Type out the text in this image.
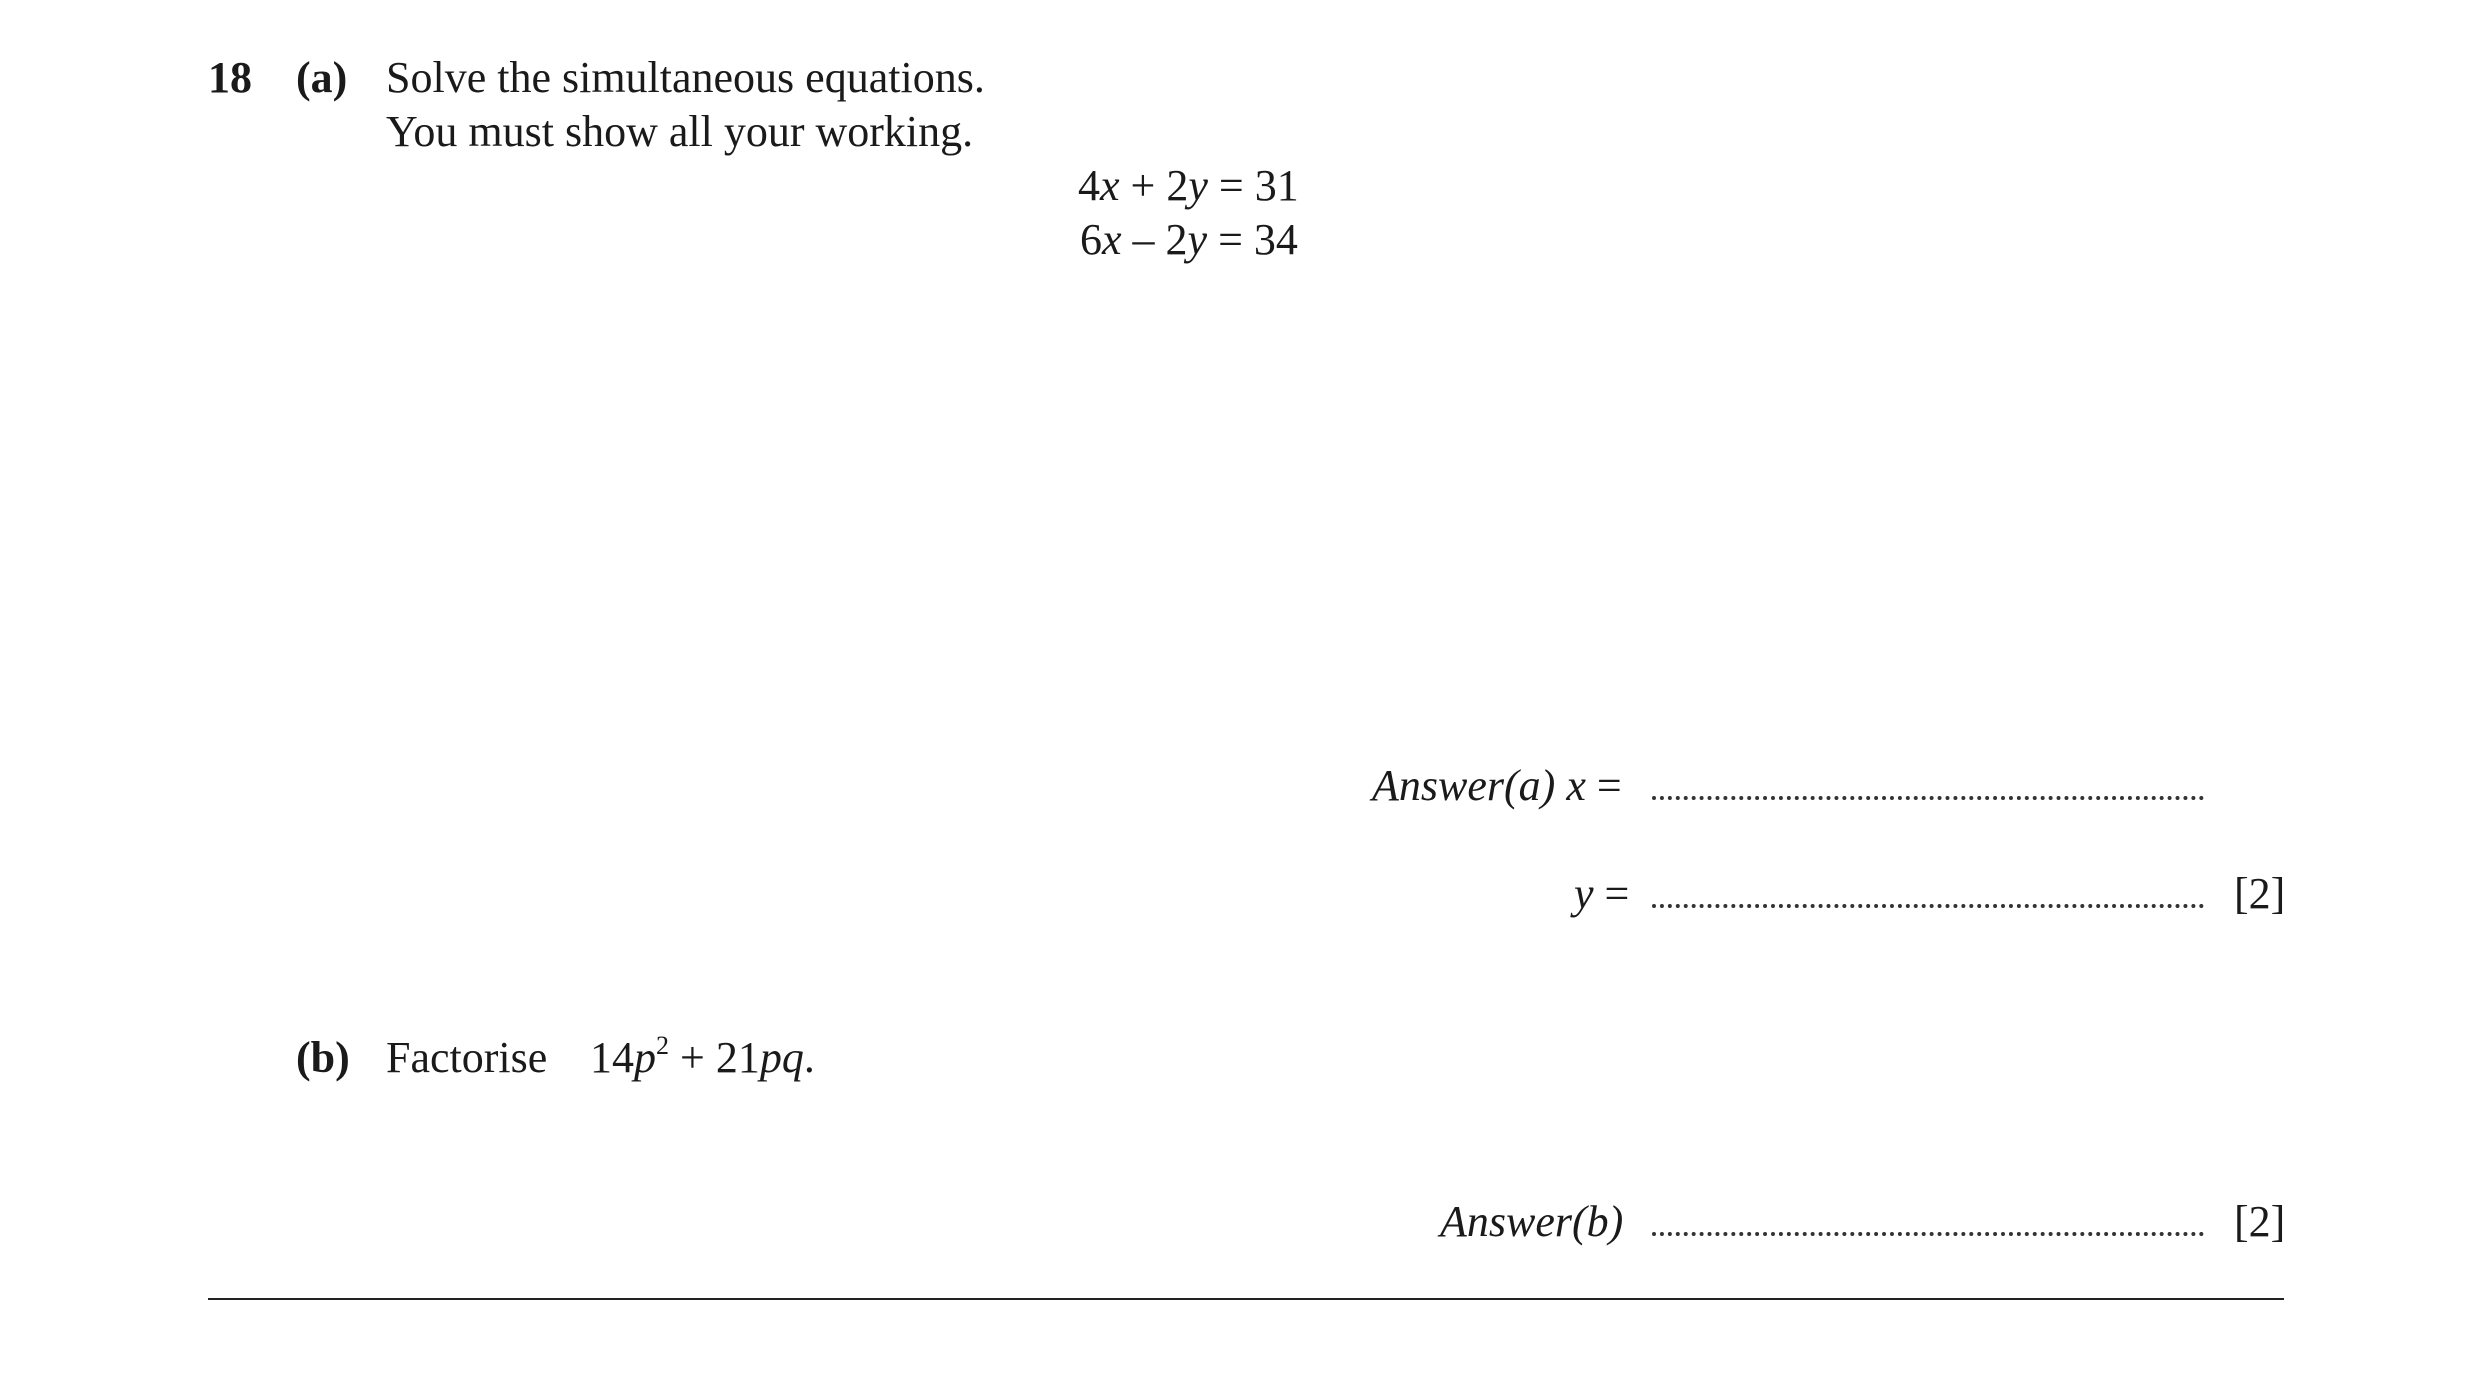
18 (a) Solve the simultaneous equations.
You must show all your working.
4x + 2y = 31
6x – 2y = 34
Answer(a) x =
y =	[2]
(b) Factorise $14p^2 + 21pq$.
Answer(b)	[2]
